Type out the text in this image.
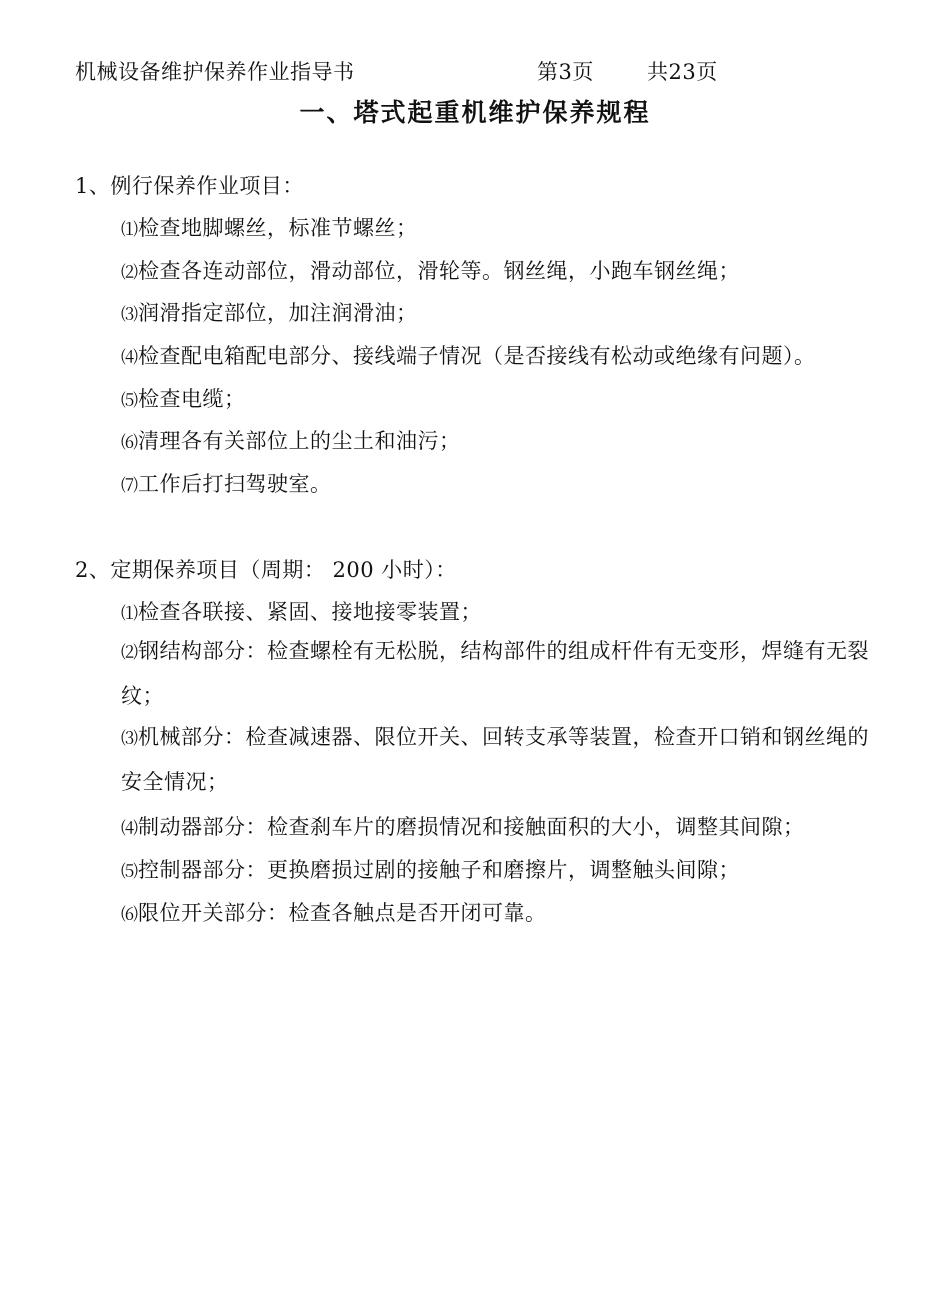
机械设备维护保养作业指导书	第3页	共23页
一、塔式起重机维护保养规程
1、例行保养作业项目：
⑴检查地脚螺丝，标准节螺丝；
⑵检查各连动部位，滑动部位，滑轮等。钢丝绳，小跑车钢丝绳；
⑶润滑指定部位，加注润滑油；
⑷检查配电箱配电部分、接线端子情况（是否接线有松动或绝缘有问题）。
⑸检查电缆；
⑹清理各有关部位上的尘土和油污；
⑺工作后打扫驾驶室。
2、定期保养项目（周期： 200 小时）：
⑴检查各联接、紧固、接地接零装置；
⑵钢结构部分：检查螺栓有无松脱，结构部件的组成杆件有无变形，焊缝有无裂纹；
⑶机械部分：检查减速器、限位开关、回转支承等装置，检查开口销和钢丝绳的安全情况；
⑷制动器部分：检查刹车片的磨损情况和接触面积的大小，调整其间隙；
⑸控制器部分：更换磨损过剧的接触子和磨擦片，调整触头间隙；
⑹限位开关部分：检查各触点是否开闭可靠。
